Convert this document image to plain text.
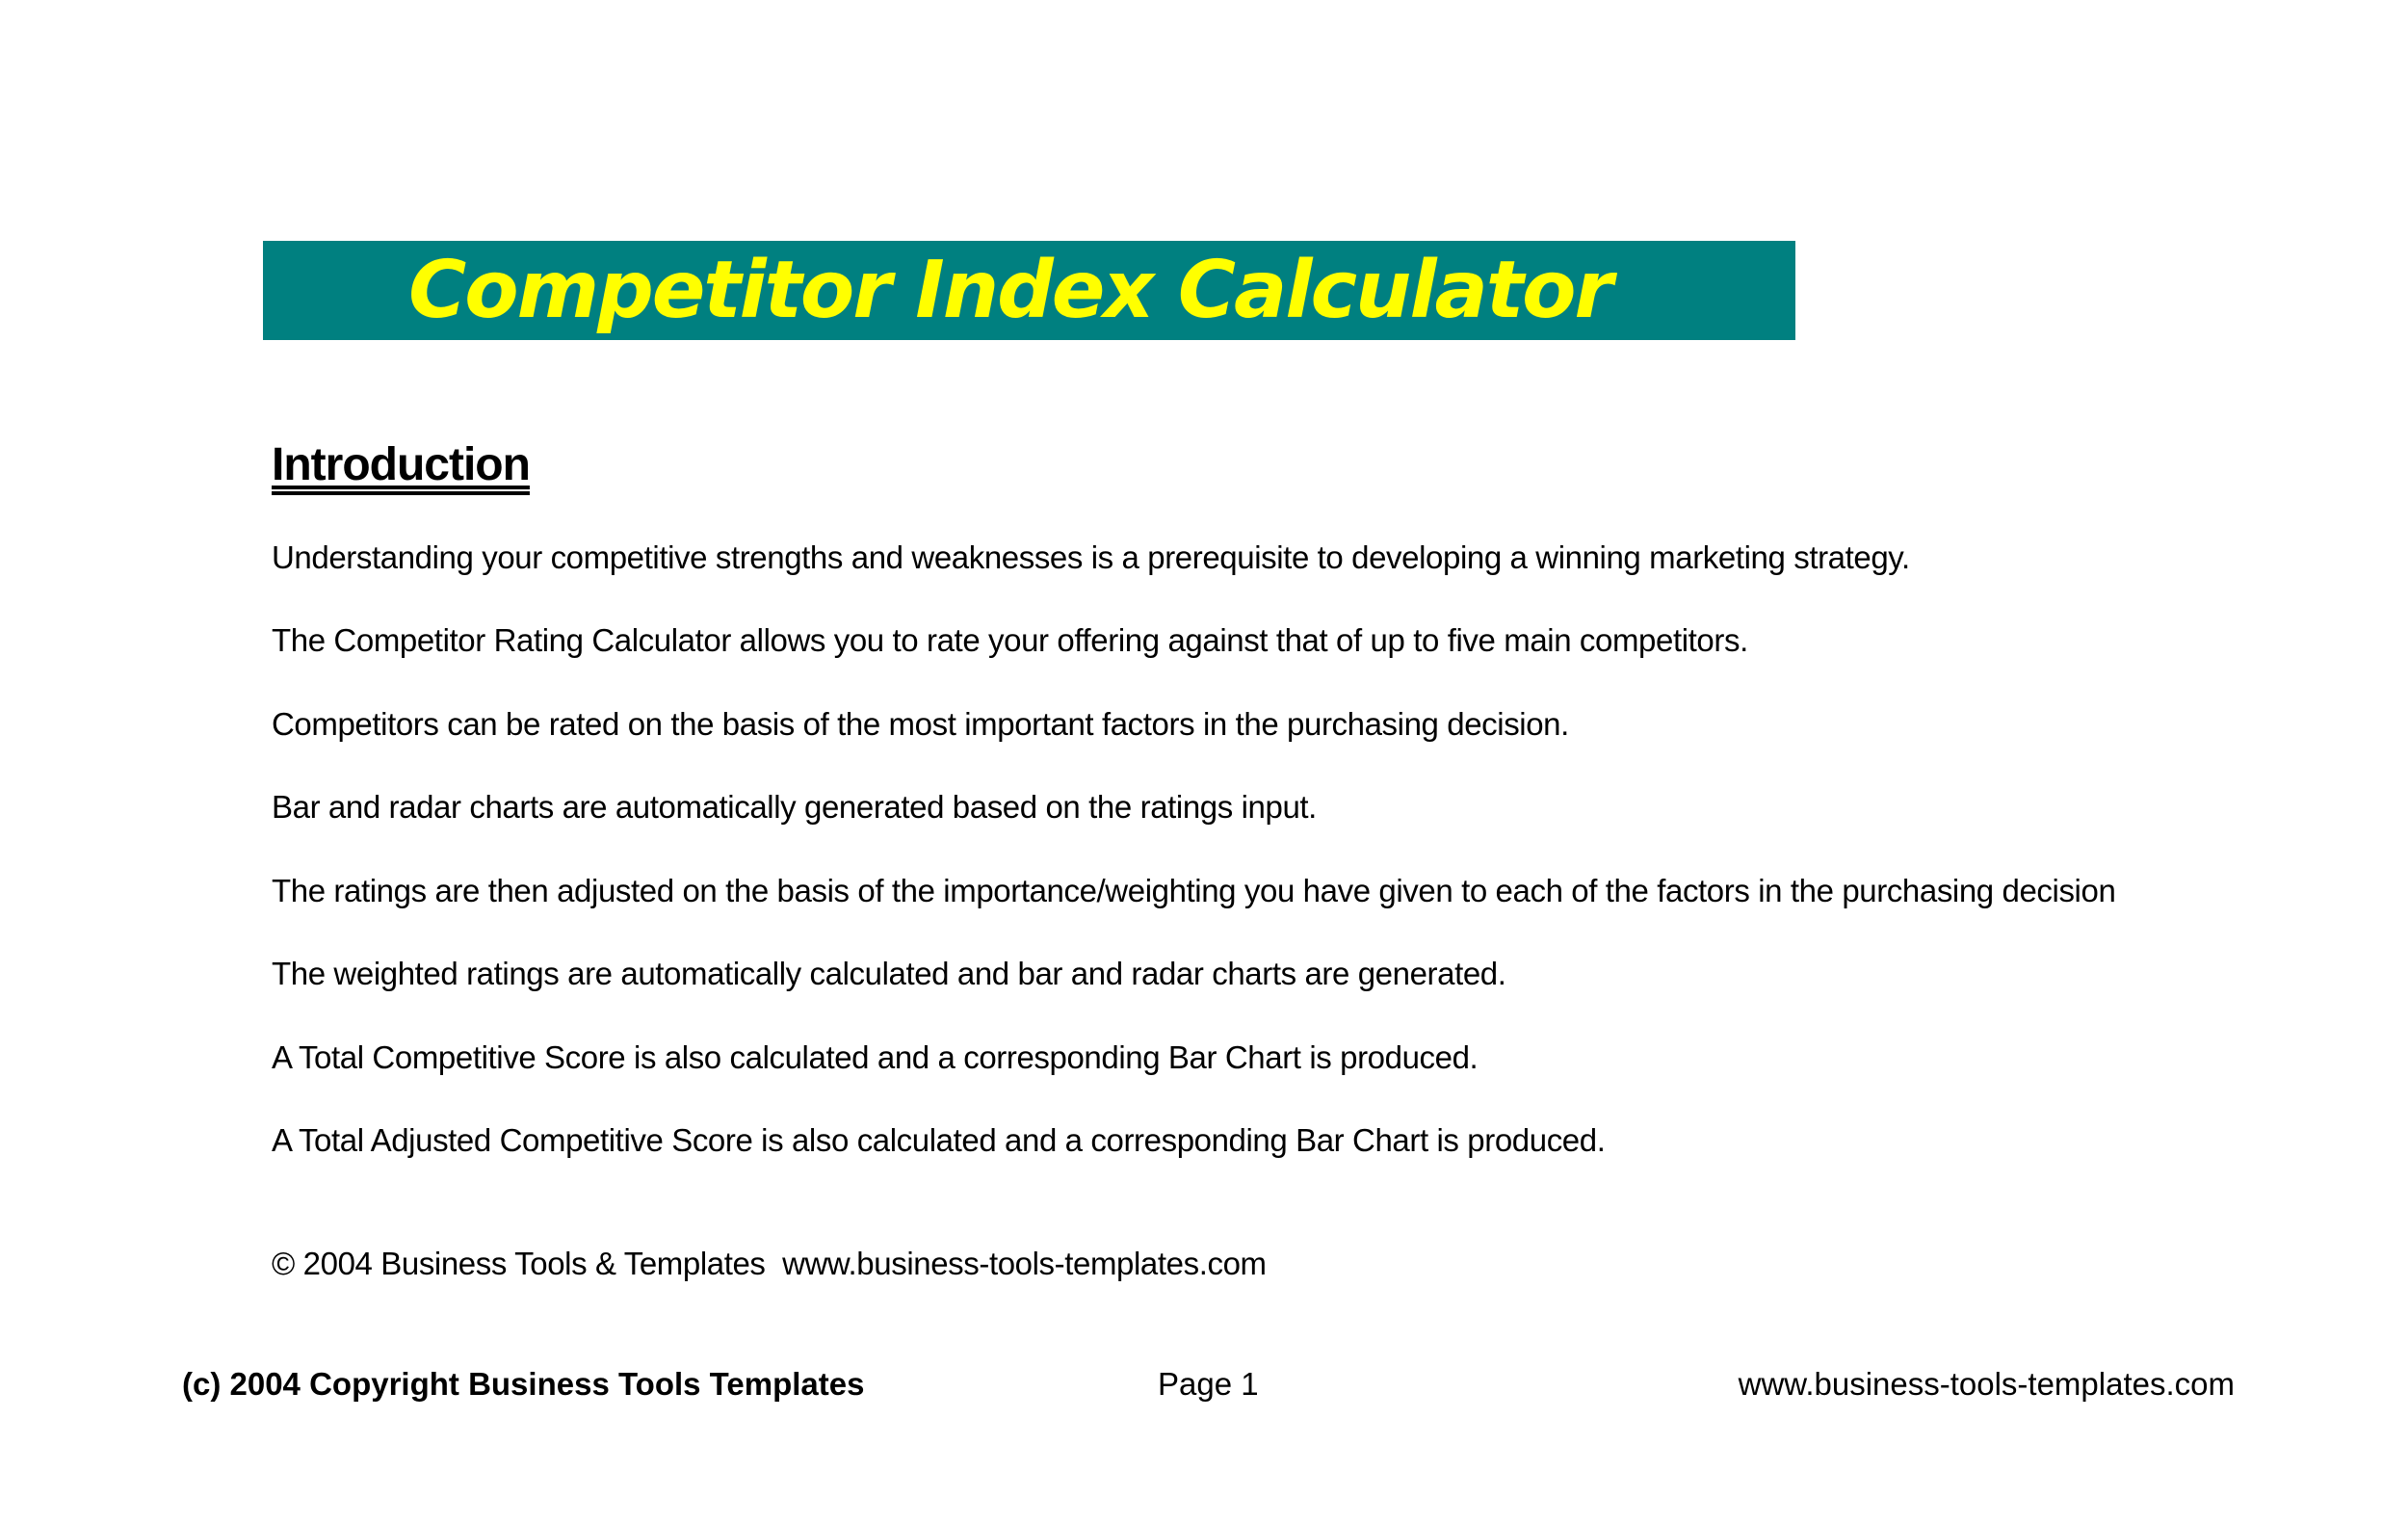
Competitor Index Calculator
Introduction
Understanding your competitive strengths and weaknesses is a prerequisite to developing a winning marketing strategy.
The Competitor Rating Calculator allows you to rate your offering against that of up to five main competitors.
Competitors can be rated on the basis of the most important factors in the purchasing decision.
Bar and radar charts are automatically generated based on the ratings input.
The ratings are then adjusted on the basis of the importance/weighting you have given to each of the factors in the purchasing decision
The weighted ratings are automatically calculated and bar and radar charts are generated.
A Total Competitive Score is also calculated and a corresponding Bar Chart is produced.
A Total Adjusted Competitive Score is also calculated and a corresponding Bar Chart is produced.
© 2004 Business Tools & Templates  www.business-tools-templates.com
(c) 2004 Copyright Business Tools Templates	Page 1	www.business-tools-templates.com
